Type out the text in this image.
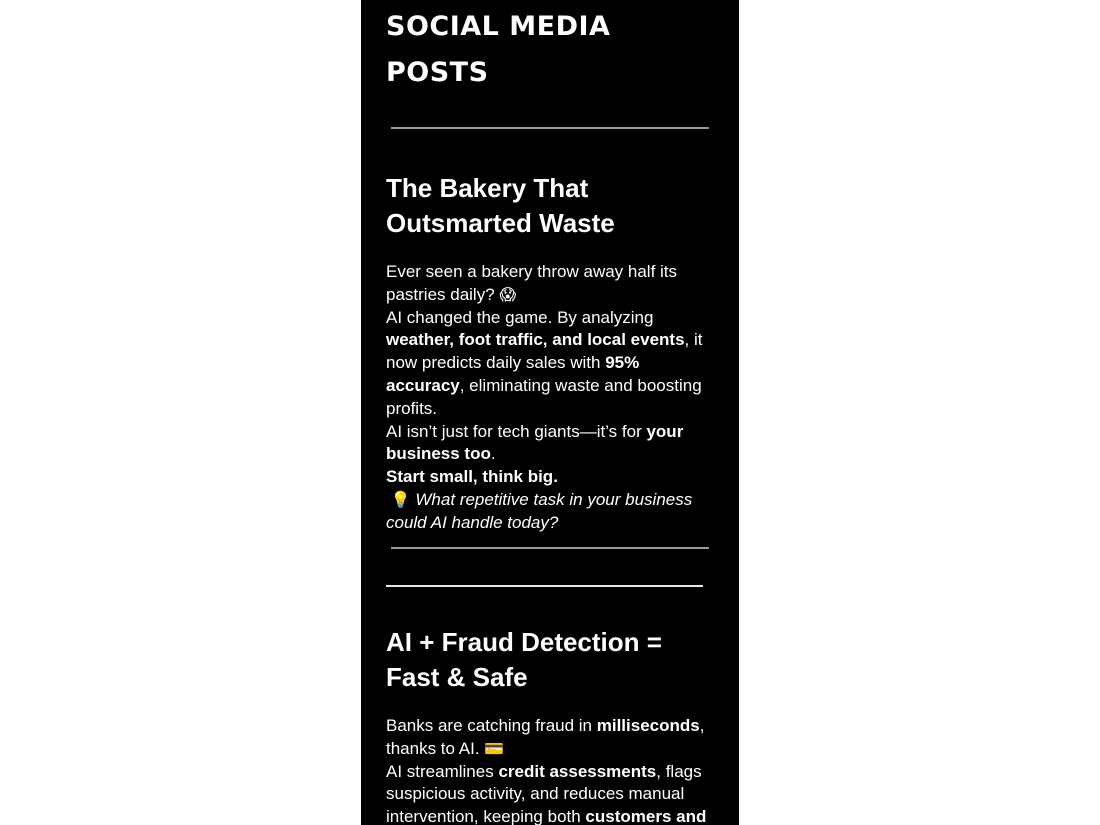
SOCIAL MEDIA POSTS
The Bakery That Outsmarted Waste

Ever seen a bakery throw away half its pastries daily? 😱
AI changed the game. By analyzing weather, foot traffic, and local events, it now predicts daily sales with 95% accuracy, eliminating waste and boosting profits.
AI isn’t just for tech giants—it’s for your business too.
Start small, think big.
💡 What repetitive task in your business could AI handle today?

AI + Fraud Detection = Fast & Safe

Banks are catching fraud in milliseconds, thanks to AI. 💳
AI streamlines credit assessments, flags suspicious activity, and reduces manual intervention, keeping both customers and
